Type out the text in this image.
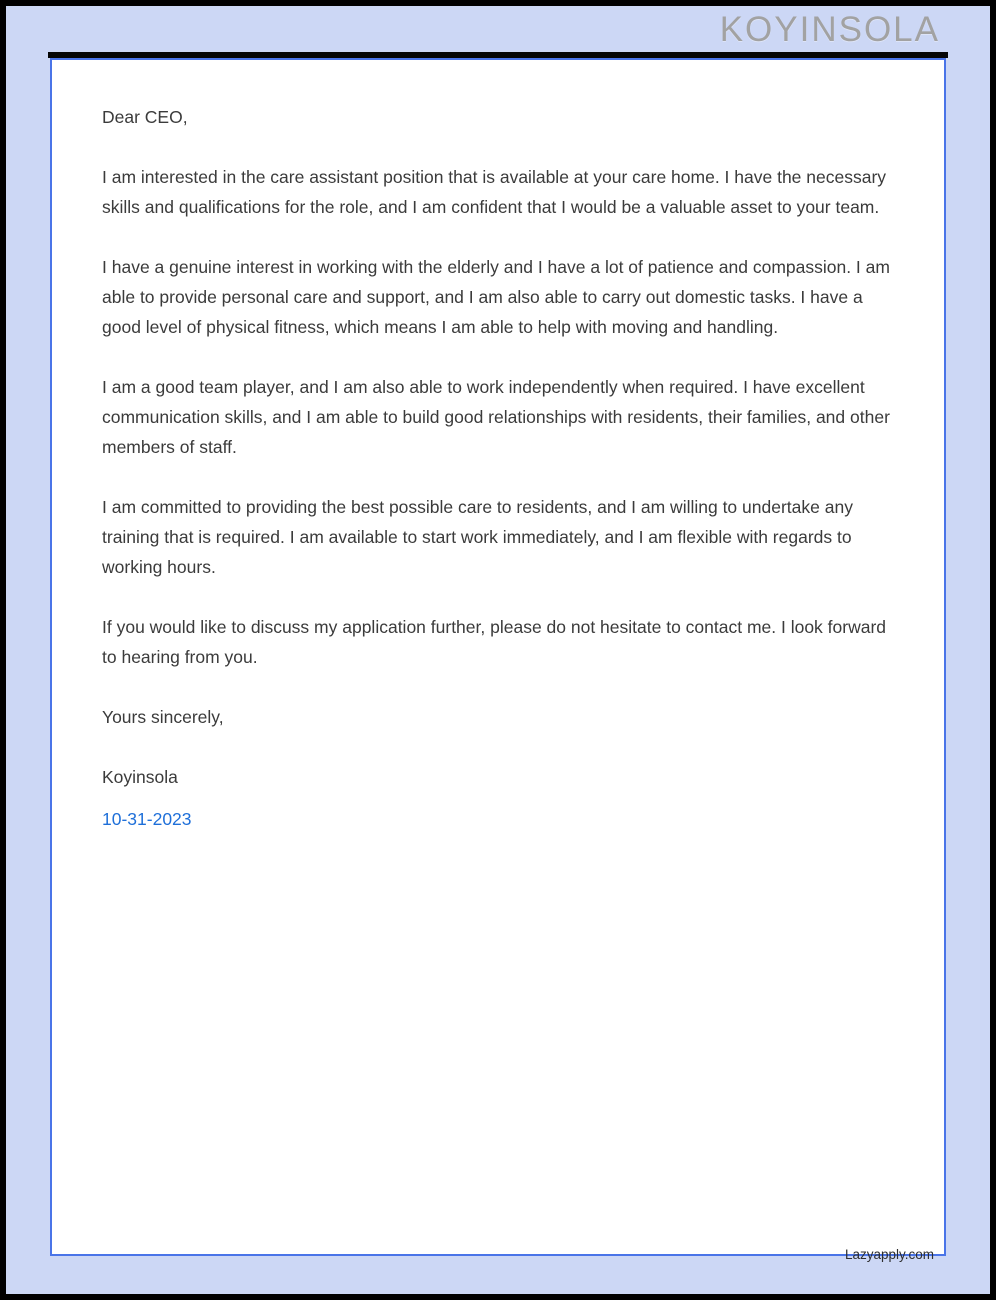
KOYINSOLA

Dear CEO,

I am interested in the care assistant position that is available at your care home. I have the necessary skills and qualifications for the role, and I am confident that I would be a valuable asset to your team.

I have a genuine interest in working with the elderly and I have a lot of patience and compassion. I am able to provide personal care and support, and I am also able to carry out domestic tasks. I have a good level of physical fitness, which means I am able to help with moving and handling.

I am a good team player, and I am also able to work independently when required. I have excellent communication skills, and I am able to build good relationships with residents, their families, and other members of staff.

I am committed to providing the best possible care to residents, and I am willing to undertake any training that is required. I am available to start work immediately, and I am flexible with regards to working hours.

If you would like to discuss my application further, please do not hesitate to contact me. I look forward to hearing from you.

Yours sincerely,

Koyinsola

10-31-2023
Lazyapply.com
